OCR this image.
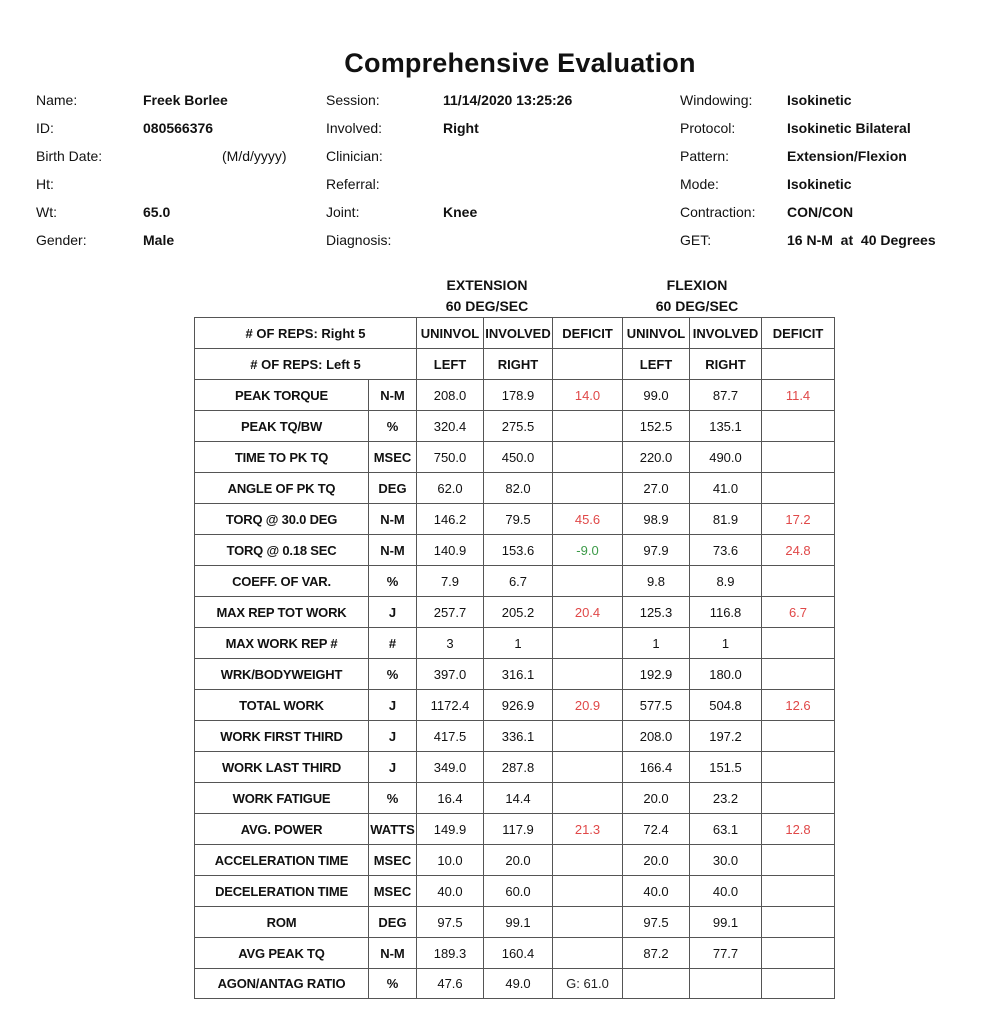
Comprehensive Evaluation
Name:	Freek Borlee
ID:	080566376
Birth Date:	(M/d/yyyy)
Ht:
Wt:	65.0
Gender:	Male
Session:	11/14/2020 13:25:26
Involved:	Right
Clinician:
Referral:
Joint:	Knee
Diagnosis:
Windowing: Isokinetic
Protocol:	Isokinetic Bilateral
Pattern:	Extension/Flexion
Mode:	Isokinetic
Contraction: CON/CON
GET:	16 N-M  at  40 Degrees
EXTENSION
60 DEG/SEC
FLEXION
60 DEG/SEC
# OF REPS: Right 5		UNINVOL	INVOLVED	DEFICIT	UNINVOL	INVOLVED	DEFICIT
# OF REPS: Left 5		LEFT	RIGHT		LEFT	RIGHT	
PEAK TORQUE	N-M	208.0	178.9	14.0	99.0	87.7	11.4
PEAK TQ/BW	%	320.4	275.5		152.5	135.1	
TIME TO PK TQ	MSEC	750.0	450.0		220.0	490.0	
ANGLE OF PK TQ	DEG	62.0	82.0		27.0	41.0	
TORQ @ 30.0 DEG	N-M	146.2	79.5	45.6	98.9	81.9	17.2
TORQ @ 0.18 SEC	N-M	140.9	153.6	-9.0	97.9	73.6	24.8
COEFF. OF VAR.	%	7.9	6.7		9.8	8.9	
MAX REP TOT WORK	J	257.7	205.2	20.4	125.3	116.8	6.7
MAX WORK REP #	#	3	1		1	1	
WRK/BODYWEIGHT	%	397.0	316.1		192.9	180.0	
TOTAL WORK	J	1172.4	926.9	20.9	577.5	504.8	12.6
WORK FIRST THIRD	J	417.5	336.1		208.0	197.2	
WORK LAST THIRD	J	349.0	287.8		166.4	151.5	
WORK FATIGUE	%	16.4	14.4		20.0	23.2	
AVG. POWER	WATTS	149.9	117.9	21.3	72.4	63.1	12.8
ACCELERATION TIME	MSEC	10.0	20.0		20.0	30.0	
DECELERATION TIME	MSEC	40.0	60.0		40.0	40.0	
ROM	DEG	97.5	99.1		97.5	99.1	
AVG PEAK TQ	N-M	189.3	160.4		87.2	77.7	
AGON/ANTAG RATIO	%	47.6	49.0	G: 61.0			
